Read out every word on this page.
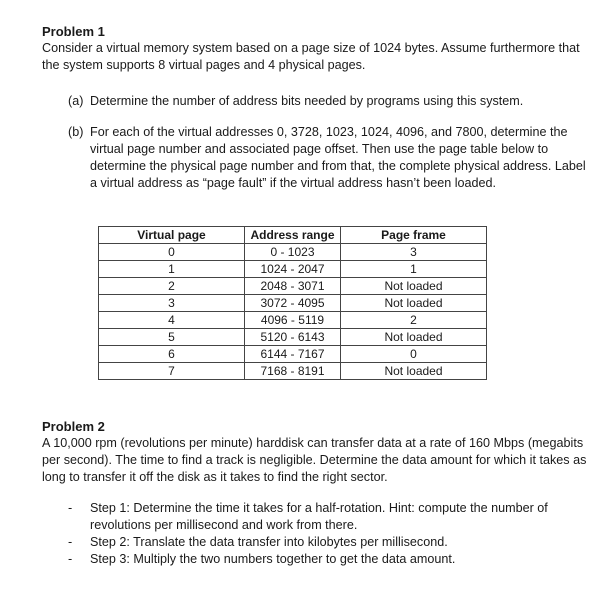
Problem 1
Consider a virtual memory system based on a page size of 1024 bytes. Assume furthermore that the system supports 8 virtual pages and 4 physical pages.
(a) Determine the number of address bits needed by programs using this system.
(b) For each of the virtual addresses 0, 3728, 1023, 1024, 4096, and 7800, determine the virtual page number and associated page offset. Then use the page table below to determine the physical page number and from that, the complete physical address. Label a virtual address as “page fault” if the virtual address hasn’t been loaded.
Virtual page	Address range	Page frame
0	0 - 1023	3
1	1024 - 2047	1
2	2048 - 3071	Not loaded
3	3072 - 4095	Not loaded
4	4096 - 5119	2
5	5120 - 6143	Not loaded
6	6144 - 7167	0
7	7168 - 8191	Not loaded
Problem 2
A 10,000 rpm (revolutions per minute) harddisk can transfer data at a rate of 160 Mbps (megabits per second). The time to find a track is negligible. Determine the data amount for which it takes as long to transfer it off the disk as it takes to find the right sector.
-	Step 1: Determine the time it takes for a half-rotation. Hint: compute the number of revolutions per millisecond and work from there.
-	Step 2: Translate the data transfer into kilobytes per millisecond.
-	Step 3: Multiply the two numbers together to get the data amount.
